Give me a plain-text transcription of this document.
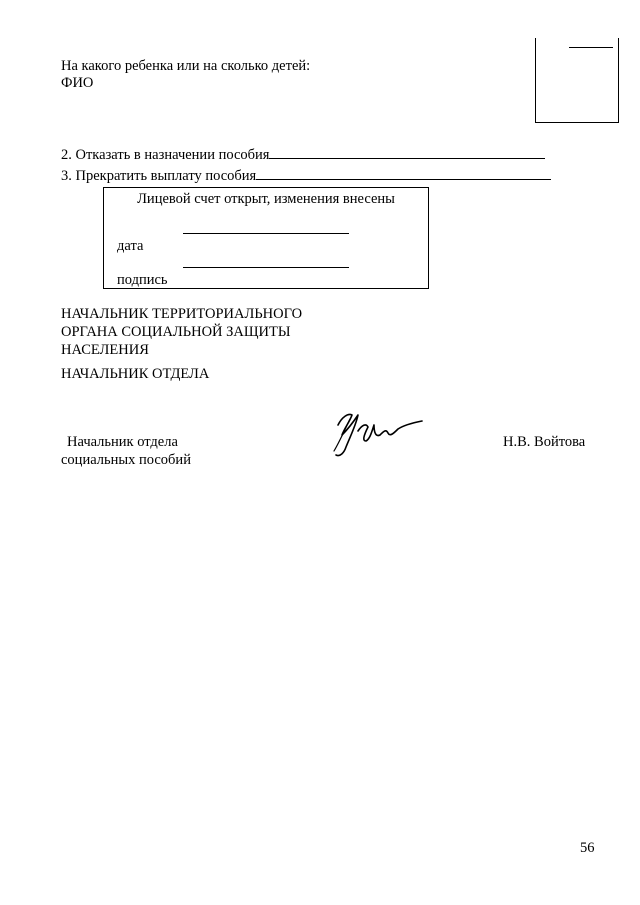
На какого ребенка или на сколько детей:
ФИО
2. Отказать в назначении пособия
3. Прекратить выплату пособия
Лицевой счет открыт, изменения внесены
дата
подпись
НАЧАЛЬНИК ТЕРРИТОРИАЛЬНОГО
ОРГАНА СОЦИАЛЬНОЙ ЗАЩИТЫ
НАСЕЛЕНИЯ
НАЧАЛЬНИК ОТДЕЛА
Начальник отдела
социальных пособий
Н.В. Войтова
56
